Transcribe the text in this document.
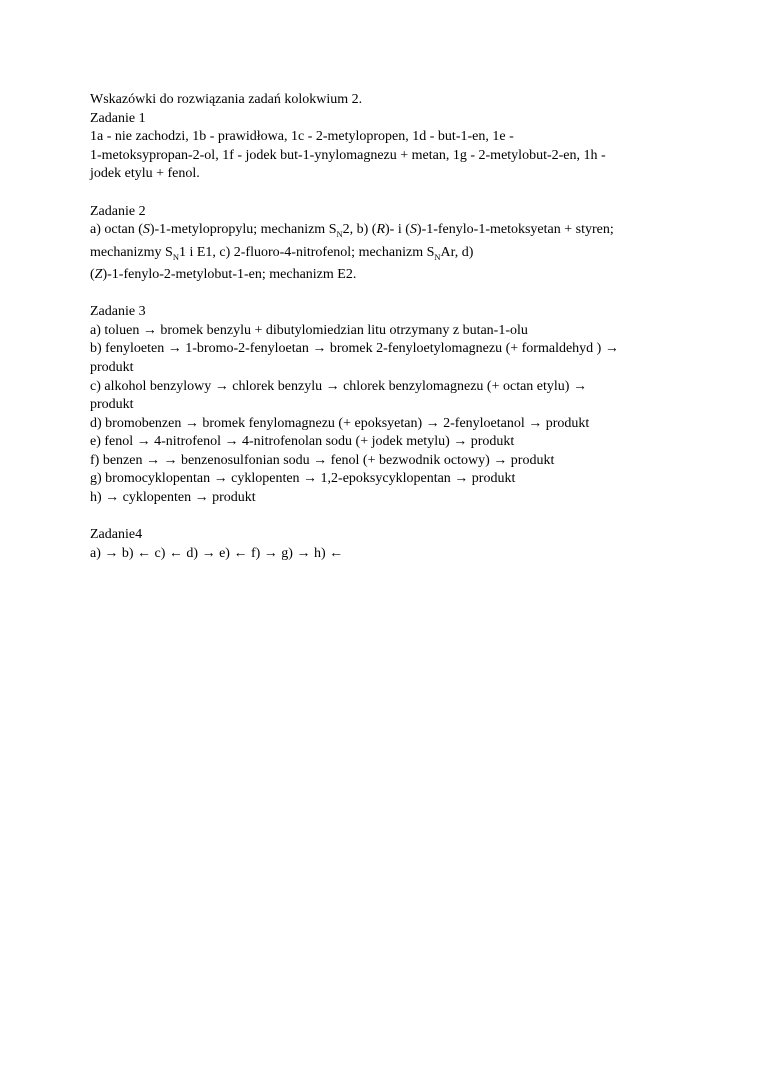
Wskazówki do rozwiązania zadań kolokwium 2.
Zadanie 1
1a - nie zachodzi, 1b - prawidłowa, 1c - 2-metylopropen, 1d - but-1-en, 1e -
1-metoksypropan-2-ol, 1f - jodek but-1-ynylomagnezu + metan, 1g - 2-metylobut-2-en, 1h -
jodek etylu + fenol.
Zadanie 2
a) octan (S)-1-metylopropylu; mechanizm $S_N2$, b) (R)- i (S)-1-fenylo-1-metoksyetan + styren;
mechanizmy $S_N1$ i E1, c) 2-fluoro-4-nitrofenol; mechanizm $S_NAr$, d)
(Z)-1-fenylo-2-metylobut-1-en; mechanizm E2.
Zadanie 3
a) toluen → bromek benzylu + dibutylomiedzian litu otrzymany z butan-1-olu
b) fenyloeten → 1-bromo-2-fenyloetan → bromek 2-fenyloetylomagnezu (+ formaldehyd ) →
produkt
c) alkohol benzylowy → chlorek benzylu → chlorek benzylomagnezu (+ octan etylu) →
produkt
d) bromobenzen → bromek fenylomagnezu (+ epoksyetan) → 2-fenyloetanol → produkt
e) fenol → 4-nitrofenol → 4-nitrofenolan sodu (+ jodek metylu) → produkt
f) benzen → → benzenosulfonian sodu → fenol (+ bezwodnik octowy) → produkt
g) bromocyklopentan → cyklopenten → 1,2-epoksycyklopentan → produkt
h) → cyklopenten → produkt
Zadanie4
a) → b) ← c) ← d) → e) ← f) → g) → h) ←
